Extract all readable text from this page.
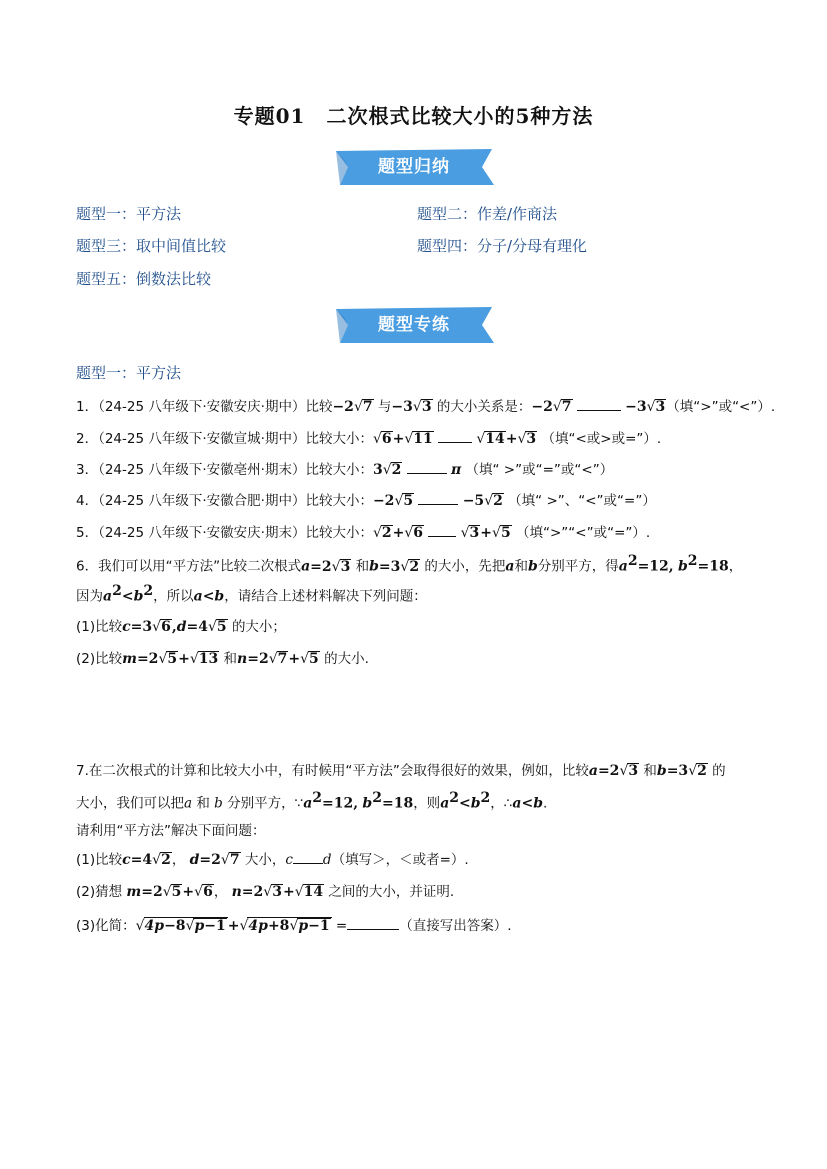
专题01　二次根式比较大小的5种方法
题型归纳
题型一：平方法	题型二：作差/作商法
题型三：取中间值比较	题型四：分子/分母有理化
题型五：倒数法比较
题型专练
题型一：平方法
1．（24-25 八年级下·安徽安庆·期中）比较−2√7 与−3√3 的大小关系是：−2√7	−3√3（填“>”或“<”）.
2．（24-25 八年级下·安徽宣城·期中）比较大小：√6+√11	√14+√3 （填“<或>或=”）.
3．（24-25 八年级下·安徽亳州·期末）比较大小：3√2	π （填“ >”或“=”或“<”）
4．（24-25 八年级下·安徽合肥·期中）比较大小：−2√5	−5√2 （填“ >”、“<”或“=”）
5．（24-25 八年级下·安徽安庆·期末）比较大小：√2+√6	√3+√5 （填“>”“<”或“=”）.
6．我们可以用“平方法”比较二次根式a=2√3 和b=3√2 的大小，先把a和b分别平方，得$a^2=12$, $b^2=18$，
因为$a^2<b^2$，所以a<b，请结合上述材料解决下列问题：
(1)比较c=3√6,d=4√5 的大小；
(2)比较m=2√5+√13 和n=2√7+√5 的大小.
7.在二次根式的计算和比较大小中，有时候用“平方法”会取得很好的效果，例如，比较a=2√3 和b=3√2 的
大小，我们可以把a 和 b 分别平方，$\because a^2=12$, $b^2=18$，则$a^2<b^2$，∴a<b.
请利用“平方法”解决下面问题：
(1)比较c=4√2， d=2√7 大小，c d（填写＞，＜或者=）.
(2)猜想 m=2√5+√6， n=2√3+√14 之间的大小，并证明.
(3)化简：√4p−8√p−1 +√4p+8√p−1 =	（直接写出答案）.
